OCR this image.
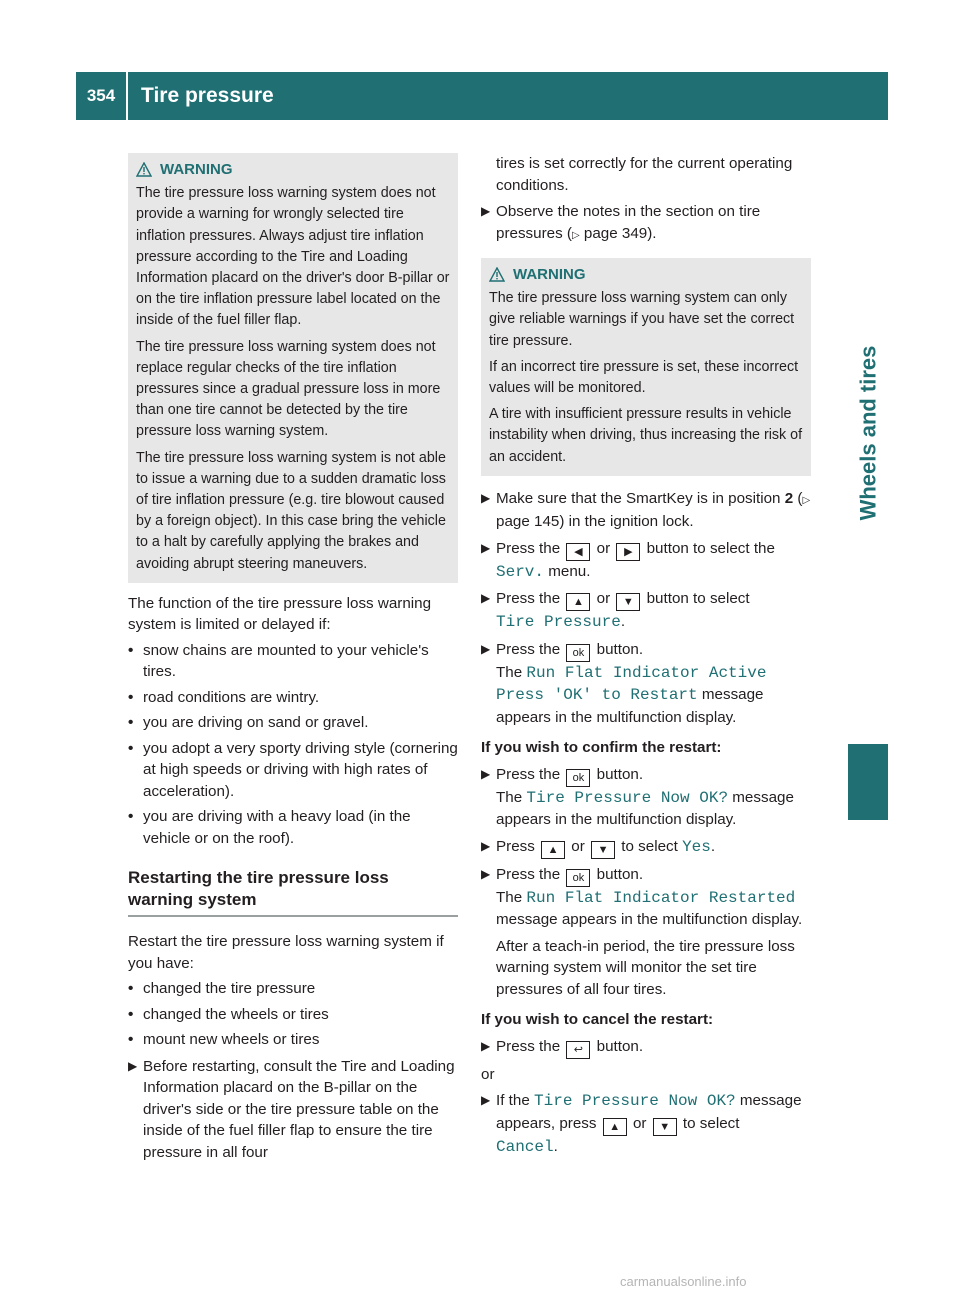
354	Tire pressure
Wheels and tires
WARNING

The tire pressure loss warning system does not provide a warning for wrongly selected tire inflation pressures. Always adjust tire inflation pressure according to the Tire and Loading Information placard on the driver's door B-pillar or on the tire inflation pressure label located on the inside of the fuel filler flap.

The tire pressure loss warning system does not replace regular checks of the tire inflation pressures since a gradual pressure loss in more than one tire cannot be detected by the tire pressure loss warning system.

The tire pressure loss warning system is not able to issue a warning due to a sudden dramatic loss of tire inflation pressure (e.g. tire blowout caused by a foreign object). In this case bring the vehicle to a halt by carefully applying the brakes and avoiding abrupt steering maneuvers.

The function of the tire pressure loss warning system is limited or delayed if:
• snow chains are mounted to your vehicle's tires.
• road conditions are wintry.
• you are driving on sand or gravel.
• you adopt a very sporty driving style (cornering at high speeds or driving with high rates of acceleration).
• you are driving with a heavy load (in the vehicle or on the roof).
Restarting the tire pressure loss warning system
Restart the tire pressure loss warning system if you have:
• changed the tire pressure
• changed the wheels or tires
• mount new wheels or tires
▶ Before restarting, consult the Tire and Loading Information placard on the B-pillar on the driver's side or the tire pressure table on the inside of the fuel filler flap to ensure the tire pressure in all four
tires is set correctly for the current operating conditions.
▶ Observe the notes in the section on tire pressures (▷ page 349).
WARNING

The tire pressure loss warning system can only give reliable warnings if you have set the correct tire pressure.

If an incorrect tire pressure is set, these incorrect values will be monitored.

A tire with insufficient pressure results in vehicle instability when driving, thus increasing the risk of an accident.

▶ Make sure that the SmartKey is in position 2 (▷ page 145) in the ignition lock.
▶ Press the ◀ or ▶ button to select the
Serv. menu.
▶ Press the ▲ or ▼ button to select
Tire Pressure.
▶ Press the ok button.
The Run Flat Indicator Active
Press 'OK' to Restart message
appears in the multifunction display.
If you wish to confirm the restart:
▶ Press the ok button.
The Tire Pressure Now OK? message
appears in the multifunction display.
▶ Press ▲ or ▼ to select Yes.
▶ Press the ok button.
The Run Flat Indicator Restarted
message appears in the multifunction display.
After a teach-in period, the tire pressure loss warning system will monitor the set tire pressures of all four tires.
If you wish to cancel the restart:
▶ Press the ↩ button.
or
▶ If the Tire Pressure Now OK? message
appears, press ▲ or ▼ to select
Cancel.
carmanualsonline.info
